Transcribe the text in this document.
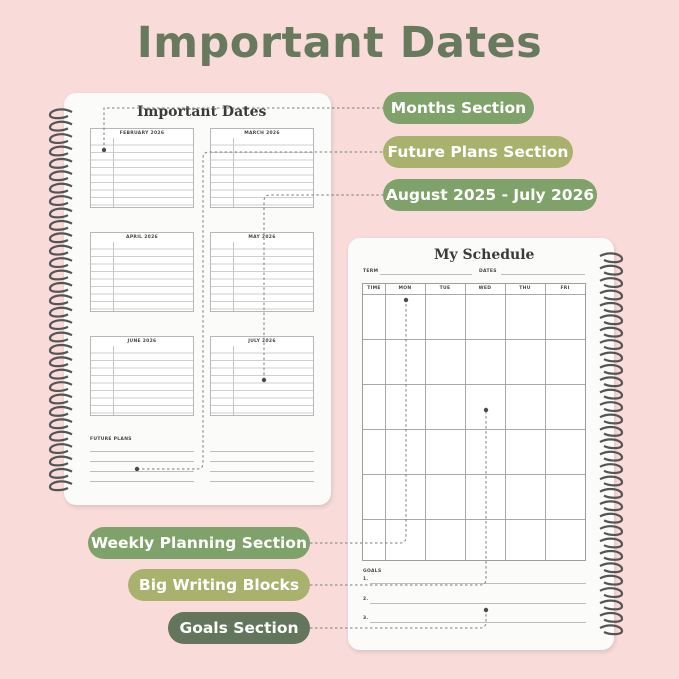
Important Dates
Important Dates
FEBRUARY 2026	MARCH 2026
APRIL 2026	MAY 2026
JUNE 2026	JULY 2026
FUTURE PLANS
My Schedule
TERM	DATES
TIME	MON	TUE	WED	THU	FRI
GOALS
1.
2.
3.
Months Section
Future Plans Section
August 2025 - July 2026
Weekly Planning Section
Big Writing Blocks
Goals Section
